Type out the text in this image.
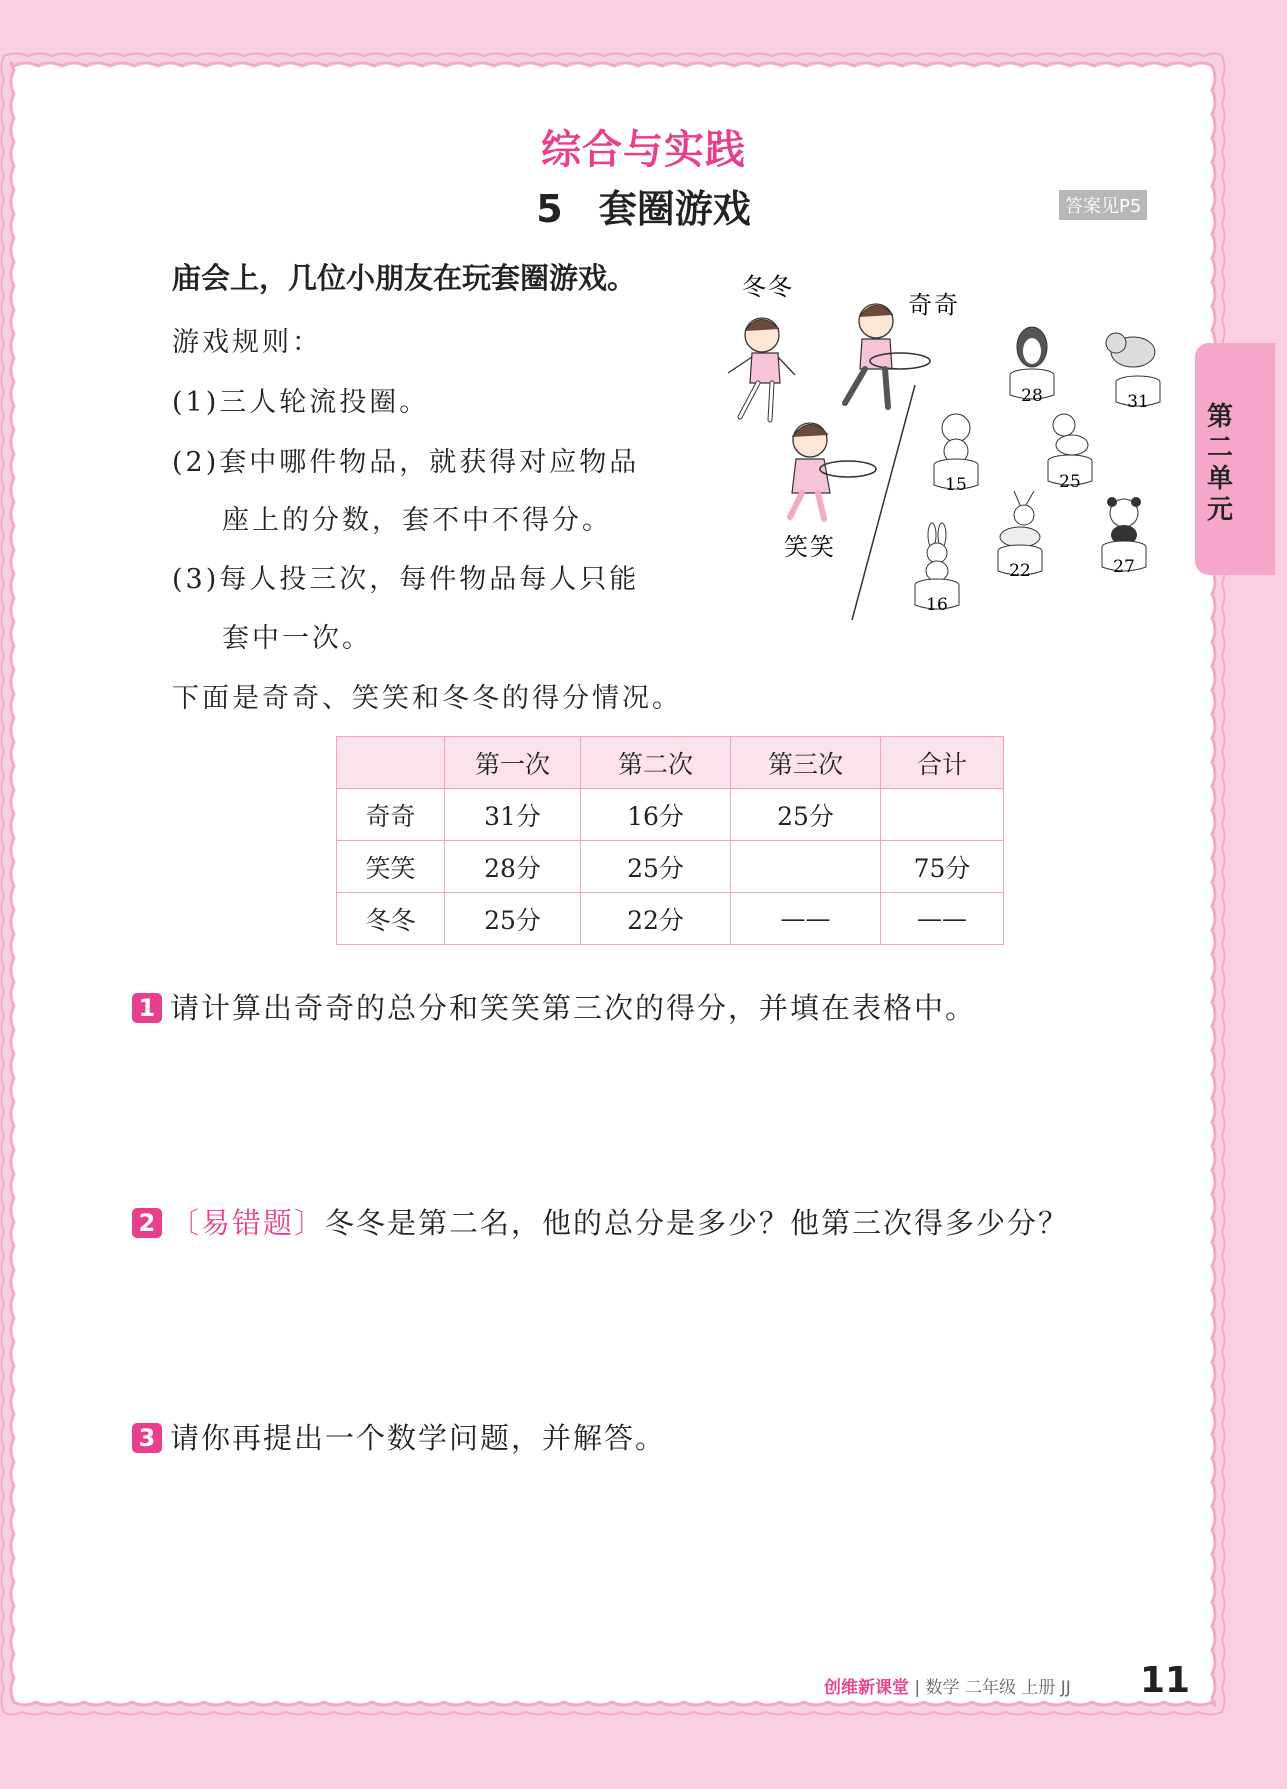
第
二
单
元
综合与实践
5 套圈游戏	答案见P5
庙会上，几位小朋友在玩套圈游戏。
游戏规则：
(1)三人轮流投圈。
(2)套中哪件物品，就获得对应物品
座上的分数，套不中不得分。
(3)每人投三次，每件物品每人只能
套中一次。
下面是奇奇、笑笑和冬冬的得分情况。
冬冬
奇奇
笑笑
28	31
15	25
22	27
16
	第一次	第二次	第三次	合计
奇奇	31分	16分	25分	
笑笑	28分	25分		75分
冬冬	25分	22分	——	——
1 请计算出奇奇的总分和笑笑第三次的得分，并填在表格中。
2 〔易错题〕冬冬是第二名，他的总分是多少？他第三次得多少分？
3 请你再提出一个数学问题，并解答。
创维新课堂 | 数学 二年级 上册 JJ 11
